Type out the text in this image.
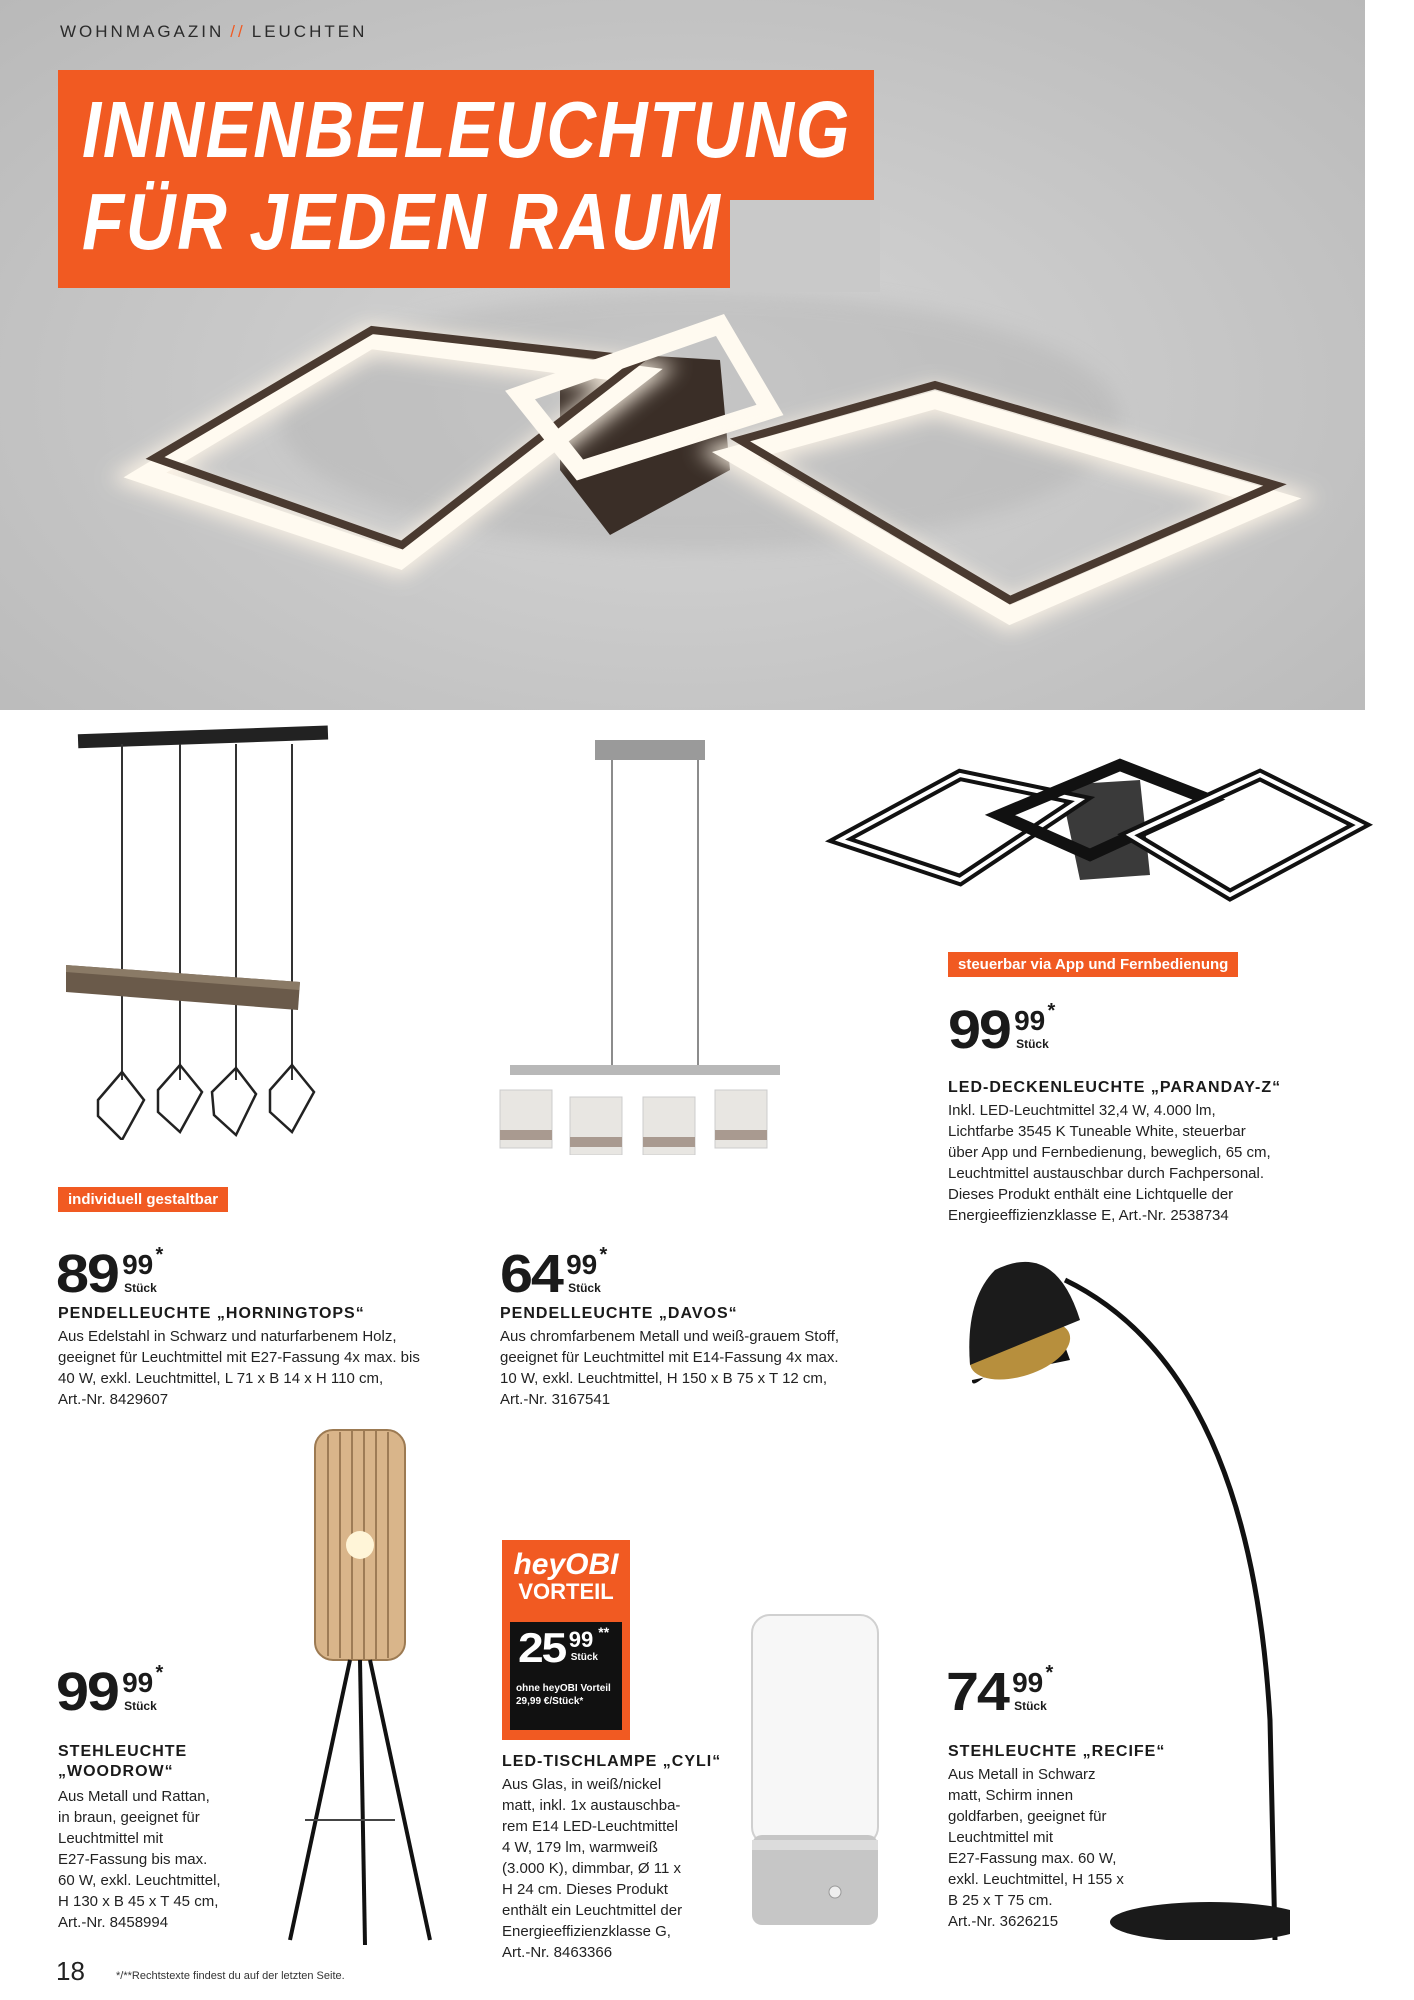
WOHNMAGAZIN // LEUCHTEN
INNENBELEUCHTUNG
FÜR JEDEN RAUM
individuell gestaltbar
89 99 *
Stück
PENDELLEUCHTE „HORNINGTOPS“
Aus Edelstahl in Schwarz und naturfarbenem Holz,
geeignet für Leuchtmittel mit E27-Fassung 4x max. bis
40 W, exkl. Leuchtmittel, L 71 x B 14 x H 110 cm,
Art.-Nr. 8429607
64 99 *
Stück
PENDELLEUCHTE „DAVOS“
Aus chromfarbenem Metall und weiß-grauem Stoff,
geeignet für Leuchtmittel mit E14-Fassung 4x max.
10 W, exkl. Leuchtmittel, H 150 x B 75 x T 12 cm,
Art.-Nr. 3167541
steuerbar via App und Fernbedienung
99 99 *
Stück
LED-DECKENLEUCHTE „PARANDAY-Z“
Inkl. LED-Leuchtmittel 32,4 W, 4.000 lm,
Lichtfarbe 3545 K Tuneable White, steuerbar
über App und Fernbedienung, beweglich, 65 cm,
Leuchtmittel austauschbar durch Fachpersonal.
Dieses Produkt enthält eine Lichtquelle der
Energieeffizienzklasse E, Art.-Nr. 2538734
99 99 *
Stück
STEHLEUCHTE
„WOODROW“
Aus Metall und Rattan,
in braun, geeignet für
Leuchtmittel mit
E27-Fassung bis max.
60 W, exkl. Leuchtmittel,
H 130 x B 45 x T 45 cm,
Art.-Nr. 8458994
heyOBI
VORTEIL
25 99 **
Stück
ohne heyOBI Vorteil
29,99 €/Stück*
LED-TISCHLAMPE „CYLI“
Aus Glas, in weiß/nickel
matt, inkl. 1x austauschba-
rem E14 LED-Leuchtmittel
4 W, 179 lm, warmweiß
(3.000 K), dimmbar, Ø 11 x
H 24 cm. Dieses Produkt
enthält ein Leuchtmittel der
Energieeffizienzklasse G,
Art.-Nr. 8463366
74 99 *
Stück
STEHLEUCHTE „RECIFE“
Aus Metall in Schwarz
matt, Schirm innen
goldfarben, geeignet für
Leuchtmittel mit
E27-Fassung max. 60 W,
exkl. Leuchtmittel, H 155 x
B 25 x T 75 cm.
Art.-Nr. 3626215
18	*/**Rechtstexte findest du auf der letzten Seite.
